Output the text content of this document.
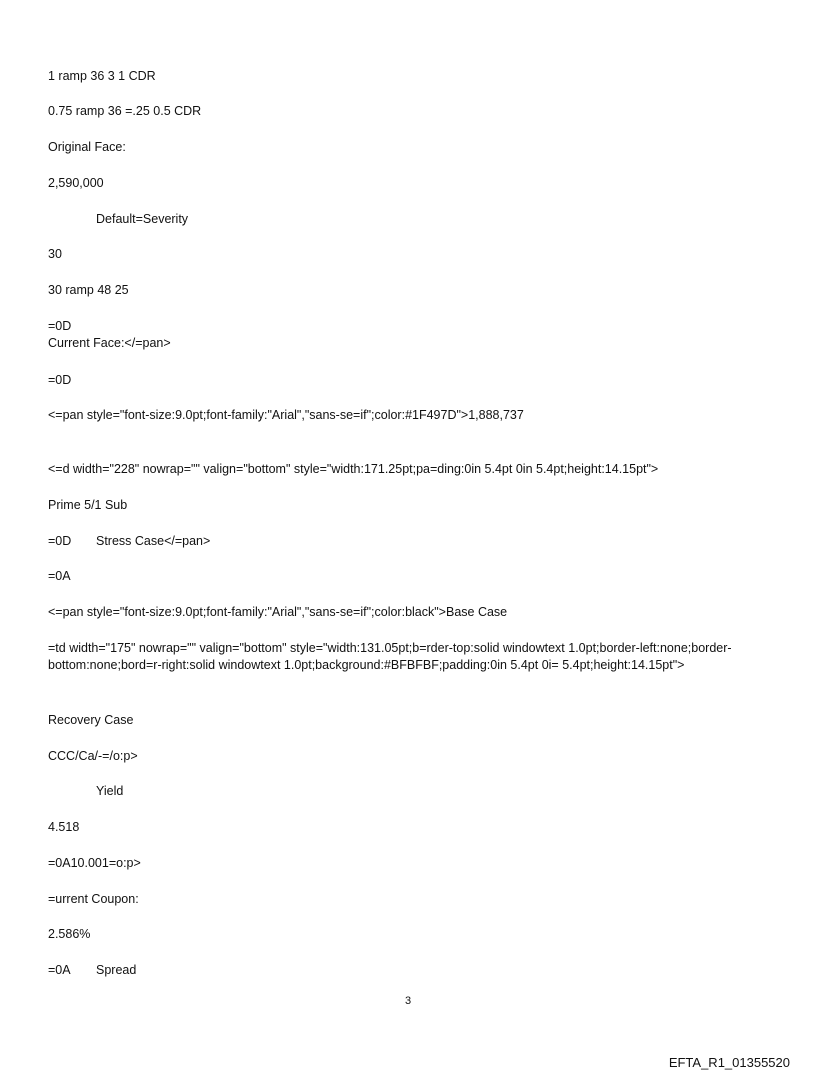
1 ramp 36 3 1 CDR
0.75 ramp 36 =.25 0.5 CDR
Original Face:
2,590,000
Default=Severity
30
30 ramp 48 25
=0D
Current Face:</=pan>
=0D
<=pan style="font-size:9.0pt;font-family:"Arial","sans-se=if";color:#1F497D">1,888,737
<=d width="228" nowrap="" valign="bottom" style="width:171.25pt;pa=ding:0in 5.4pt 0in 5.4pt;height:14.15pt">
Prime 5/1 Sub
=0D Stress Case</=pan>
=0A
<=pan style="font-size:9.0pt;font-family:"Arial","sans-se=if";color:black">Base Case
=td width="175" nowrap="" valign="bottom" style="width:131.05pt;b=rder-top:solid windowtext 1.0pt;border-left:none;border-bottom:none;bord=r-right:solid windowtext 1.0pt;background:#BFBFBF;padding:0in 5.4pt 0i= 5.4pt;height:14.15pt">
Recovery Case
CCC/Ca/-=/o:p>
Yield
4.518
=0A10.001=o:p>
=urrent Coupon:
2.586%
=0A Spread
3
EFTA_R1_01355520
